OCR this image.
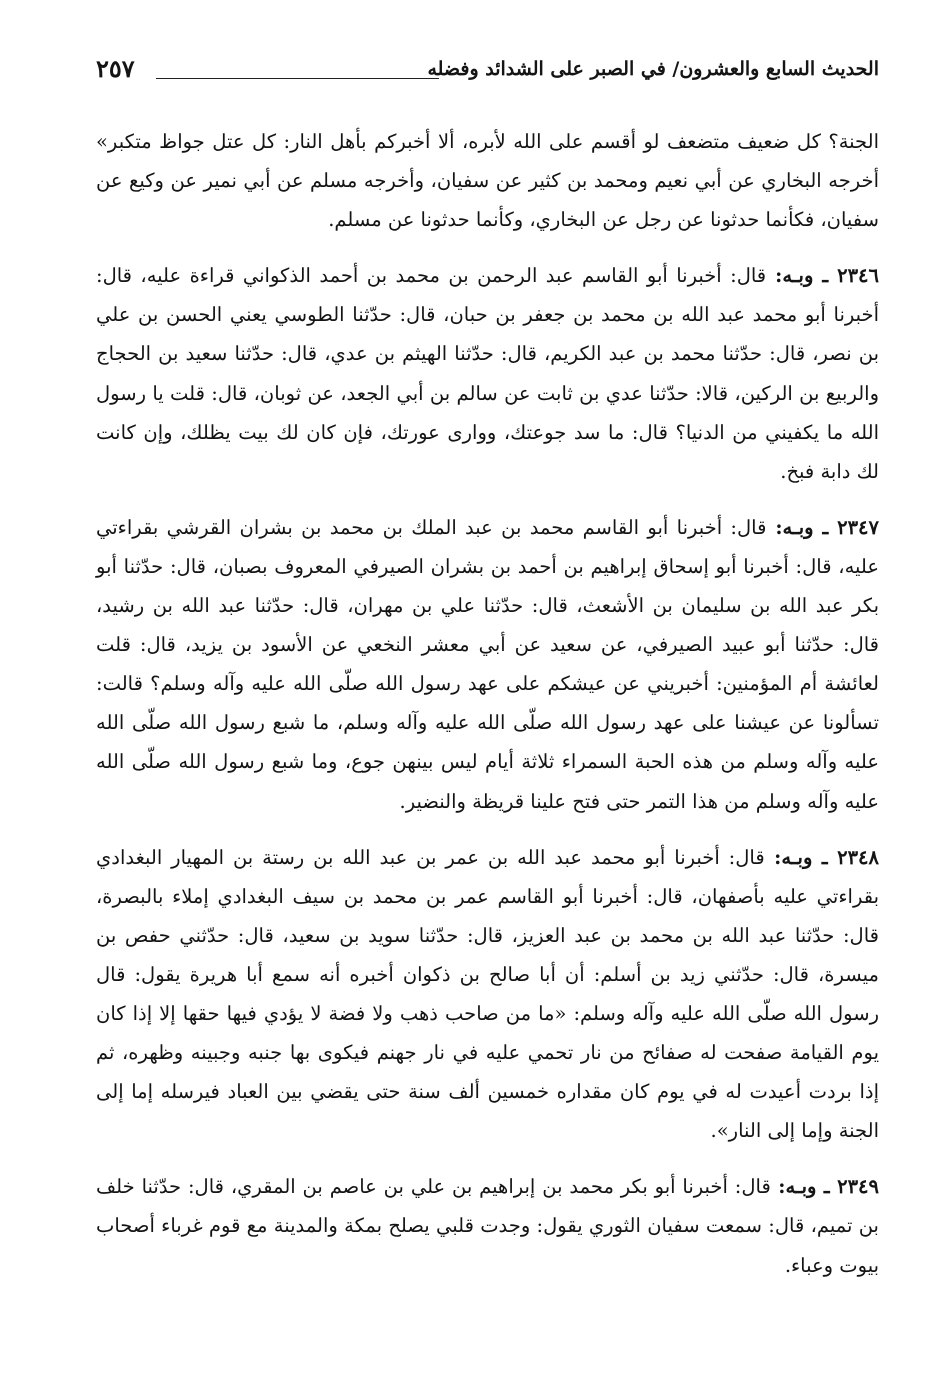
الحديث السابع والعشرون/ في الصبر على الشدائد وفضله
٢٥٧

الجنة؟ كل ضعيف متضعف لو أقسم على الله لأبره، ألا أخبركم بأهل النار: كل عتل جواظ متكبر» أخرجه البخاري عن أبي نعيم ومحمد بن كثير عن سفيان، وأخرجه مسلم عن أبي نمير عن وكيع عن سفيان، فكأنما حدثونا عن رجل عن البخاري، وكأنما حدثونا عن مسلم.

٢٣٤٦ ـ وبـه: قال: أخبرنا أبو القاسم عبد الرحمن بن محمد بن أحمد الذكواني قراءة عليه، قال: أخبرنا أبو محمد عبد الله بن محمد بن جعفر بن حبان، قال: حدّثنا الطوسي يعني الحسن بن علي بن نصر، قال: حدّثنا محمد بن عبد الكريم، قال: حدّثنا الهيثم بن عدي، قال: حدّثنا سعيد بن الحجاج والربيع بن الركين، قالا: حدّثنا عدي بن ثابت عن سالم بن أبي الجعد، عن ثوبان، قال: قلت يا رسول الله ما يكفيني من الدنيا؟ قال: ما سد جوعتك، ووارى عورتك، فإن كان لك بيت يظلك، وإن كانت لك دابة فبخ.

٢٣٤٧ ـ وبـه: قال: أخبرنا أبو القاسم محمد بن عبد الملك بن محمد بن بشران القرشي بقراءتي عليه، قال: أخبرنا أبو إسحاق إبراهيم بن أحمد بن بشران الصيرفي المعروف بصبان، قال: حدّثنا أبو بكر عبد الله بن سليمان بن الأشعث، قال: حدّثنا علي بن مهران، قال: حدّثنا عبد الله بن رشيد، قال: حدّثنا أبو عبيد الصيرفي، عن سعيد عن أبي معشر النخعي عن الأسود بن يزيد، قال: قلت لعائشة أم المؤمنين: أخبريني عن عيشكم على عهد رسول الله صلّى الله عليه وآله وسلم؟ قالت: تسألونا عن عيشنا على عهد رسول الله صلّى الله عليه وآله وسلم، ما شبع رسول الله صلّى الله عليه وآله وسلم من هذه الحبة السمراء ثلاثة أيام ليس بينهن جوع، وما شبع رسول الله صلّى الله عليه وآله وسلم من هذا التمر حتى فتح علينا قريظة والنضير.

٢٣٤٨ ـ وبـه: قال: أخبرنا أبو محمد عبد الله بن عمر بن عبد الله بن رستة بن المهيار البغدادي بقراءتي عليه بأصفهان، قال: أخبرنا أبو القاسم عمر بن محمد بن سيف البغدادي إملاء بالبصرة، قال: حدّثنا عبد الله بن محمد بن عبد العزيز، قال: حدّثنا سويد بن سعيد، قال: حدّثني حفص بن ميسرة، قال: حدّثني زيد بن أسلم: أن أبا صالح بن ذكوان أخبره أنه سمع أبا هريرة يقول: قال رسول الله صلّى الله عليه وآله وسلم: «ما من صاحب ذهب ولا فضة لا يؤدي فيها حقها إلا إذا كان يوم القيامة صفحت له صفائح من نار تحمي عليه في نار جهنم فيكوى بها جنبه وجبينه وظهره، ثم إذا بردت أعيدت له في يوم كان مقداره خمسين ألف سنة حتى يقضي بين العباد فيرسله إما إلى الجنة وإما إلى النار».

٢٣٤٩ ـ وبـه: قال: أخبرنا أبو بكر محمد بن إبراهيم بن علي بن عاصم بن المقري، قال: حدّثنا خلف بن تميم، قال: سمعت سفيان الثوري يقول: وجدت قلبي يصلح بمكة والمدينة مع قوم غرباء أصحاب بيوت وعباء.
